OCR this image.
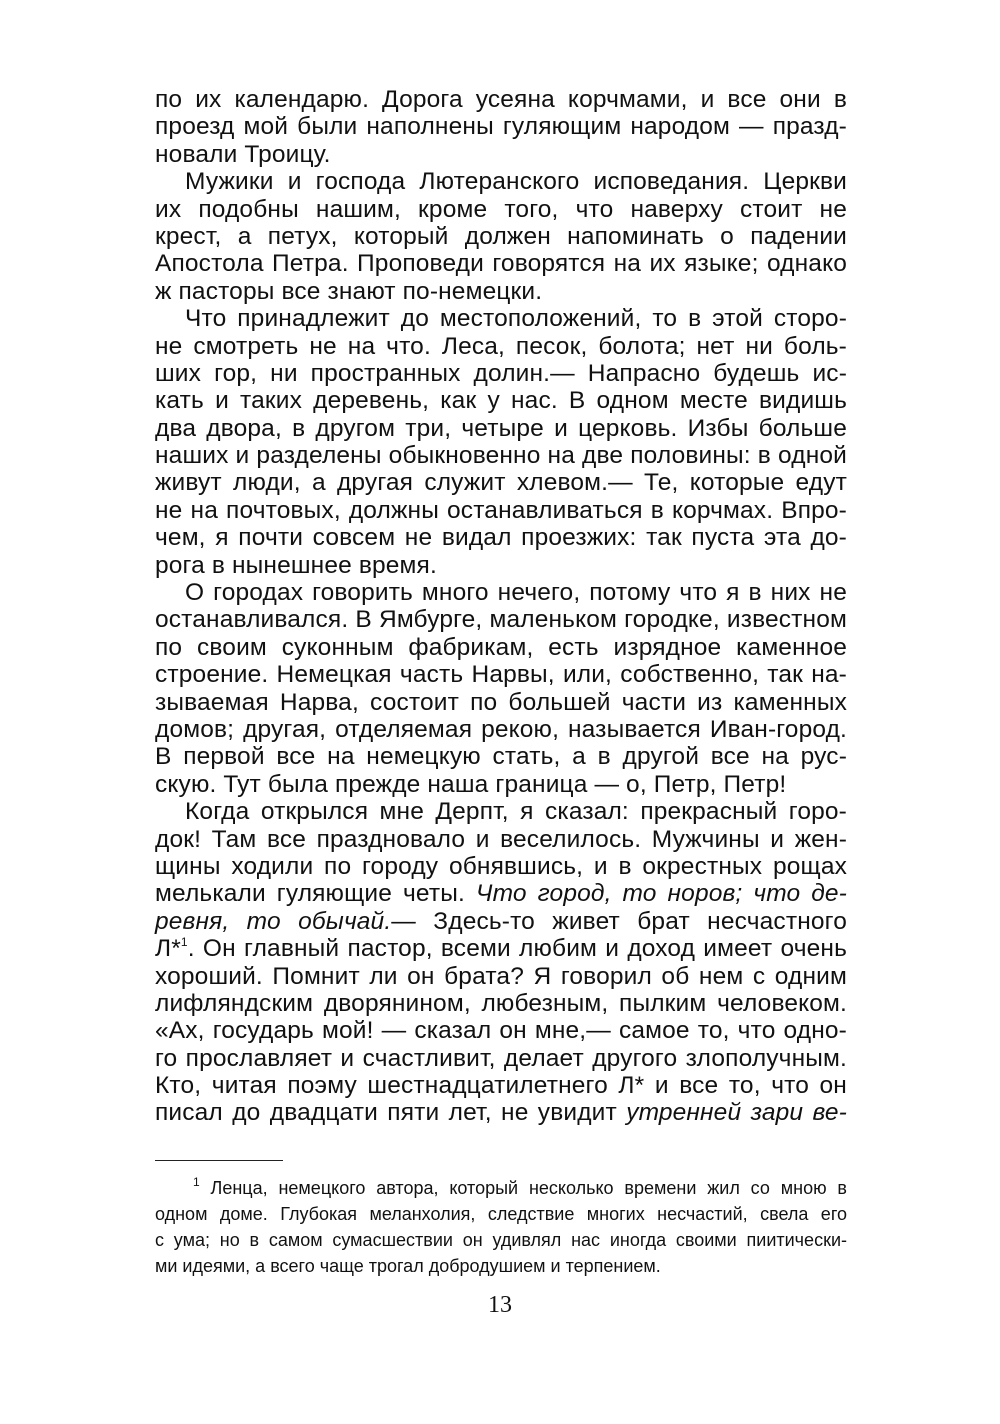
по их календарю. Дорога усеяна корчмами, и все они в
проезд мой были наполнены гуляющим народом — празд-
новали Троицу.
Мужики и господа Лютеранского исповедания. Церкви
их подобны нашим, кроме того, что наверху стоит не
крест, а петух, который должен напоминать о падении
Апостола Петра. Проповеди говорятся на их языке; однако
ж пасторы все знают по-немецки.
Что принадлежит до местоположений, то в этой сторо-
не смотреть не на что. Леса, песок, болота; нет ни боль-
ших гор, ни пространных долин.— Напрасно будешь ис-
кать и таких деревень, как у нас. В одном месте видишь
два двора, в другом три, четыре и церковь. Избы больше
наших и разделены обыкновенно на две половины: в одной
живут люди, а другая служит хлевом.— Те, которые едут
не на почтовых, должны останавливаться в корчмах. Впро-
чем, я почти совсем не видал проезжих: так пуста эта до-
рога в нынешнее время.
О городах говорить много нечего, потому что я в них не
останавливался. В Ямбурге, маленьком городке, известном
по своим суконным фабрикам, есть изрядное каменное
строение. Немецкая часть Нарвы, или, собственно, так на-
зываемая Нарва, состоит по большей части из каменных
домов; другая, отделяемая рекою, называется Иван-город.
В первой все на немецкую стать, а в другой все на рус-
скую. Тут была прежде наша граница — о, Петр, Петр!
Когда открылся мне Дерпт, я сказал: прекрасный горо-
док! Там все праздновало и веселилось. Мужчины и жен-
щины ходили по городу обнявшись, и в окрестных рощах
мелькали гуляющие четы. Что город, то норов; что де-
ревня, то обычай.— Здесь-то живет брат несчастного
Л*$^1$. Он главный пастор, всеми любим и доход имеет очень
хороший. Помнит ли он брата? Я говорил об нем с одним
лифляндским дворянином, любезным, пылким человеком.
«Ах, государь мой! — сказал он мне,— самое то, что одно-
го прославляет и счастливит, делает другого злополучным.
Кто, читая поэму шестнадцатилетнего Л* и все то, что он
писал до двадцати пяти лет, не увидит утренней зари ве-
$^1$ Ленца, немецкого автора, который несколько времени жил со мною в
одном доме. Глубокая меланхолия, следствие многих несчастий, свела его
с ума; но в самом сумасшествии он удивлял нас иногда своими пиитически-
ми идеями, а всего чаще трогал добродушием и терпением.
13
